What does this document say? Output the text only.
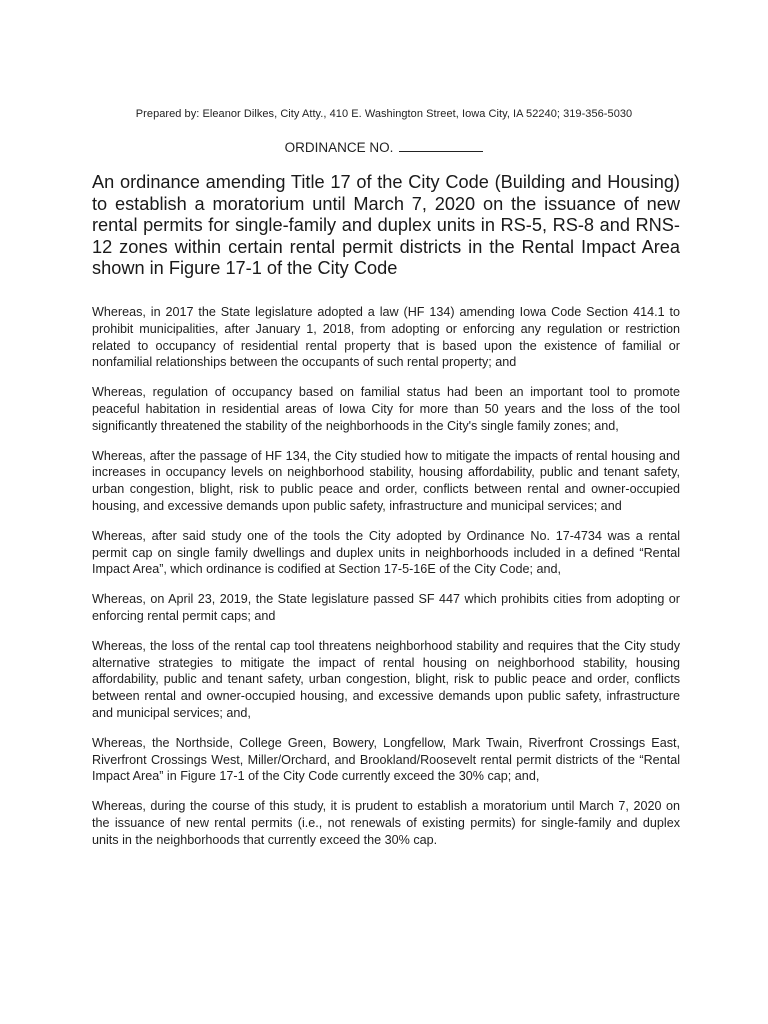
Prepared by: Eleanor Dilkes, City Atty., 410 E. Washington Street, Iowa City, IA 52240; 319-356-5030
ORDINANCE NO.
An ordinance amending Title 17 of the City Code (Building and Housing) to establish a moratorium until March 7, 2020 on the issuance of new rental permits for single-family and duplex units in RS-5, RS-8 and RNS-12 zones within certain rental permit districts in the Rental Impact Area shown in Figure 17-1 of the City Code

Whereas, in 2017 the State legislature adopted a law (HF 134) amending Iowa Code Section 414.1 to prohibit municipalities, after January 1, 2018, from adopting or enforcing any regulation or restriction related to occupancy of residential rental property that is based upon the existence of familial or nonfamilial relationships between the occupants of such rental property; and

Whereas, regulation of occupancy based on familial status had been an important tool to promote peaceful habitation in residential areas of Iowa City for more than 50 years and the loss of the tool significantly threatened the stability of the neighborhoods in the City's single family zones; and,

Whereas, after the passage of HF 134, the City studied how to mitigate the impacts of rental housing and increases in occupancy levels on neighborhood stability, housing affordability, public and tenant safety, urban congestion, blight, risk to public peace and order, conflicts between rental and owner-occupied housing, and excessive demands upon public safety, infrastructure and municipal services; and

Whereas, after said study one of the tools the City adopted by Ordinance No. 17-4734 was a rental permit cap on single family dwellings and duplex units in neighborhoods included in a defined “Rental Impact Area”, which ordinance is codified at Section 17-5-16E of the City Code; and,

Whereas, on April 23, 2019, the State legislature passed SF 447 which prohibits cities from adopting or enforcing rental permit caps; and

Whereas, the loss of the rental cap tool threatens neighborhood stability and requires that the City study alternative strategies to mitigate the impact of rental housing on neighborhood stability, housing affordability, public and tenant safety, urban congestion, blight, risk to public peace and order, conflicts between rental and owner-occupied housing, and excessive demands upon public safety, infrastructure and municipal services; and,

Whereas, the Northside, College Green, Bowery, Longfellow, Mark Twain, Riverfront Crossings East, Riverfront Crossings West, Miller/Orchard, and Brookland/Roosevelt rental permit districts of the “Rental Impact Area” in Figure 17-1 of the City Code currently exceed the 30% cap; and,

Whereas, during the course of this study, it is prudent to establish a moratorium until March 7, 2020 on the issuance of new rental permits (i.e., not renewals of existing permits) for single-family and duplex units in the neighborhoods that currently exceed the 30% cap.
